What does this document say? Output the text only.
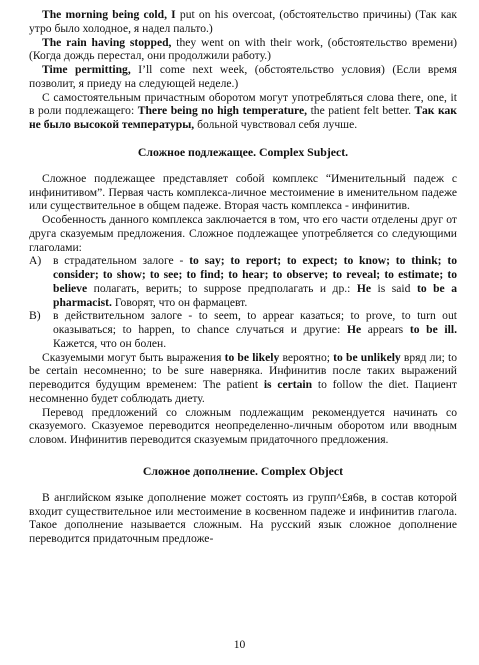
The morning being cold, I put on his overcoat, (обстоятельство причины) (Так как утро было холодное, я надел пальто.)

The rain having stopped, they went on with their work, (обстоятельство времени) (Когда дождь перестал, они продолжили работу.)

Time permitting, I’ll come next week, (обстоятельство условия) (Если время позволит, я приеду на следующей неделе.)

С самостоятельным причастным оборотом могут употребляться слова there, one, it в роли подлежащего: There being no high temperature, the patient felt better. Так как не было высокой температуры, больной чувствовал себя лучше.

Сложное подлежащее. Complex Subject.

Сложное подлежащее представляет собой комплекс “Именительный падеж с инфинитивом”. Первая часть комплекса-личное местоимение в именительном падеже или существительное в общем падеже. Вторая часть комплекса - инфинитив.

Особенность данного комплекса заключается в том, что его части отделены друг от друга сказуемым предложения. Сложное подлежащее употребляется со следующими глаголами:

А)	в страдательном залоге - to say; to report; to expect; to know; to think; to consider; to show; to see; to find; to hear; to observe; to reveal; to estimate; to believe полагать, верить; to suppose предполагать и др.: He is said to be a pharmacist. Говорят, что он фармацевт.
В)	в действительном залоге - to seem, to appear казаться; to prove, to turn out оказываться; to happen, to chance случаться и другие: He appears to be ill. Кажется, что он болен.

Сказуемыми могут быть выражения to be likely вероятно; to be unlikely вряд ли; to be certain несомненно; to be sure наверняка. Инфинитив после таких выражений переводится будущим временем: The patient is certain to follow the diet. Пациент несомненно будет соблюдать диету.

Перевод предложений со сложным подлежащим рекомендуется начинать со сказуемого. Сказуемое переводится неопределенно-личным оборотом или вводным словом. Инфинитив переводится сказуемым придаточного предложения.

Сложное дополнение. Complex Object

В английском языке дополнение может состоять из групп^£я6в, в состав которой входит существительное или местоимение в косвенном падеже и инфинитив глагола. Такое дополнение называется сложным. На русский язык сложное дополнение переводится придаточным предложе-

10
